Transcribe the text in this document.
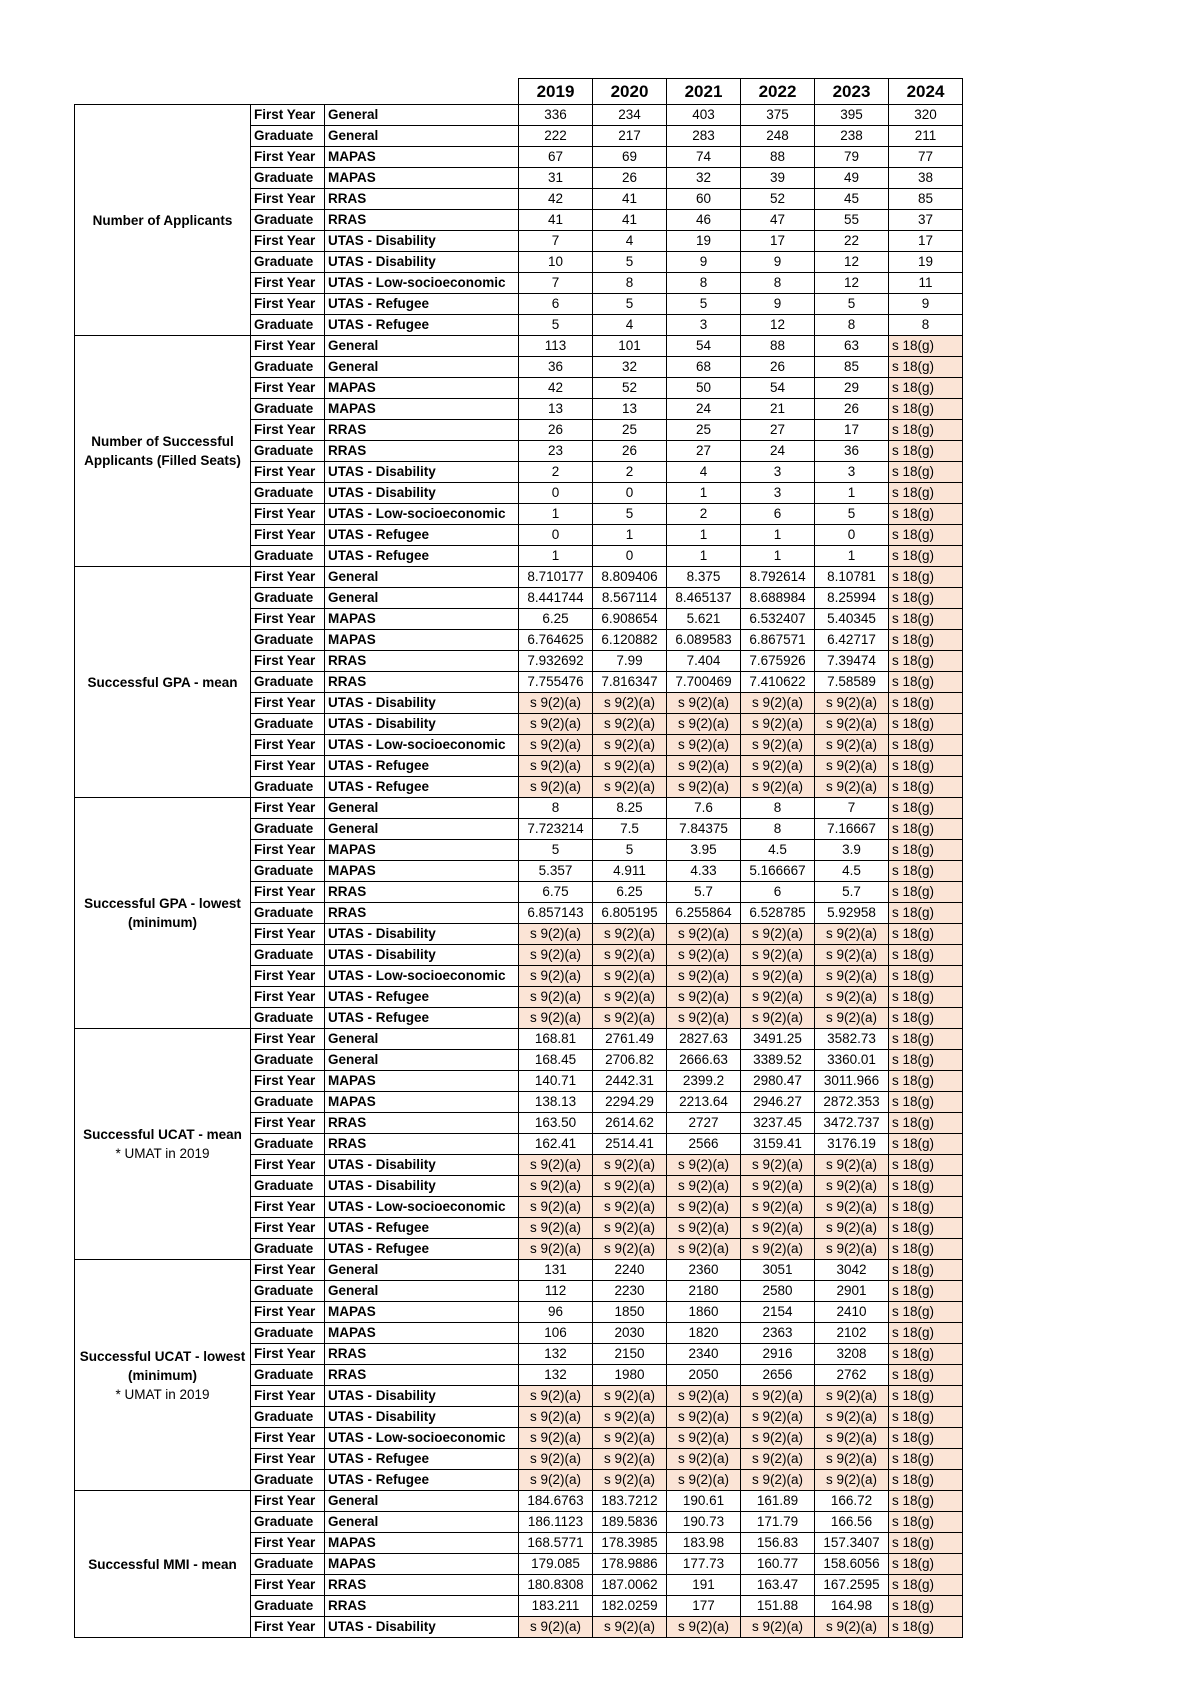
			2019	2020	2021	2022	2023	2024
Number of Applicants	First Year	General	336	234	403	375	395	320
	Graduate	General	222	217	283	248	238	211
	First Year	MAPAS	67	69	74	88	79	77
	Graduate	MAPAS	31	26	32	39	49	38
	First Year	RRAS	42	41	60	52	45	85
	Graduate	RRAS	41	41	46	47	55	37
	First Year	UTAS - Disability	7	4	19	17	22	17
	Graduate	UTAS - Disability	10	5	9	9	12	19
	First Year	UTAS - Low-socioeconomic	7	8	8	8	12	11
	First Year	UTAS - Refugee	6	5	5	9	5	9
	Graduate	UTAS - Refugee	5	4	3	12	8	8
Number of Successful Applicants (Filled Seats)	First Year	General	113	101	54	88	63	s 18(g)
	Graduate	General	36	32	68	26	85	s 18(g)
	First Year	MAPAS	42	52	50	54	29	s 18(g)
	Graduate	MAPAS	13	13	24	21	26	s 18(g)
	First Year	RRAS	26	25	25	27	17	s 18(g)
	Graduate	RRAS	23	26	27	24	36	s 18(g)
	First Year	UTAS - Disability	2	2	4	3	3	s 18(g)
	Graduate	UTAS - Disability	0	0	1	3	1	s 18(g)
	First Year	UTAS - Low-socioeconomic	1	5	2	6	5	s 18(g)
	First Year	UTAS - Refugee	0	1	1	1	0	s 18(g)
	Graduate	UTAS - Refugee	1	0	1	1	1	s 18(g)
Successful GPA - mean	First Year	General	8.710177	8.809406	8.375	8.792614	8.10781	s 18(g)
	Graduate	General	8.441744	8.567114	8.465137	8.688984	8.25994	s 18(g)
	First Year	MAPAS	6.25	6.908654	5.621	6.532407	5.40345	s 18(g)
	Graduate	MAPAS	6.764625	6.120882	6.089583	6.867571	6.42717	s 18(g)
	First Year	RRAS	7.932692	7.99	7.404	7.675926	7.39474	s 18(g)
	Graduate	RRAS	7.755476	7.816347	7.700469	7.410622	7.58589	s 18(g)
	First Year	UTAS - Disability	s 9(2)(a)	s 9(2)(a)	s 9(2)(a)	s 9(2)(a)	s 9(2)(a)	s 18(g)
	Graduate	UTAS - Disability	s 9(2)(a)	s 9(2)(a)	s 9(2)(a)	s 9(2)(a)	s 9(2)(a)	s 18(g)
	First Year	UTAS - Low-socioeconomic	s 9(2)(a)	s 9(2)(a)	s 9(2)(a)	s 9(2)(a)	s 9(2)(a)	s 18(g)
	First Year	UTAS - Refugee	s 9(2)(a)	s 9(2)(a)	s 9(2)(a)	s 9(2)(a)	s 9(2)(a)	s 18(g)
	Graduate	UTAS - Refugee	s 9(2)(a)	s 9(2)(a)	s 9(2)(a)	s 9(2)(a)	s 9(2)(a)	s 18(g)
Successful GPA - lowest (minimum)	First Year	General	8	8.25	7.6	8	7	s 18(g)
	Graduate	General	7.723214	7.5	7.84375	8	7.16667	s 18(g)
	First Year	MAPAS	5	5	3.95	4.5	3.9	s 18(g)
	Graduate	MAPAS	5.357	4.911	4.33	5.166667	4.5	s 18(g)
	First Year	RRAS	6.75	6.25	5.7	6	5.7	s 18(g)
	Graduate	RRAS	6.857143	6.805195	6.255864	6.528785	5.92958	s 18(g)
	First Year	UTAS - Disability	s 9(2)(a)	s 9(2)(a)	s 9(2)(a)	s 9(2)(a)	s 9(2)(a)	s 18(g)
	Graduate	UTAS - Disability	s 9(2)(a)	s 9(2)(a)	s 9(2)(a)	s 9(2)(a)	s 9(2)(a)	s 18(g)
	First Year	UTAS - Low-socioeconomic	s 9(2)(a)	s 9(2)(a)	s 9(2)(a)	s 9(2)(a)	s 9(2)(a)	s 18(g)
	First Year	UTAS - Refugee	s 9(2)(a)	s 9(2)(a)	s 9(2)(a)	s 9(2)(a)	s 9(2)(a)	s 18(g)
	Graduate	UTAS - Refugee	s 9(2)(a)	s 9(2)(a)	s 9(2)(a)	s 9(2)(a)	s 9(2)(a)	s 18(g)
Successful UCAT - mean
* UMAT in 2019	First Year	General	168.81	2761.49	2827.63	3491.25	3582.73	s 18(g)
	Graduate	General	168.45	2706.82	2666.63	3389.52	3360.01	s 18(g)
	First Year	MAPAS	140.71	2442.31	2399.2	2980.47	3011.966	s 18(g)
	Graduate	MAPAS	138.13	2294.29	2213.64	2946.27	2872.353	s 18(g)
	First Year	RRAS	163.50	2614.62	2727	3237.45	3472.737	s 18(g)
	Graduate	RRAS	162.41	2514.41	2566	3159.41	3176.19	s 18(g)
	First Year	UTAS - Disability	s 9(2)(a)	s 9(2)(a)	s 9(2)(a)	s 9(2)(a)	s 9(2)(a)	s 18(g)
	Graduate	UTAS - Disability	s 9(2)(a)	s 9(2)(a)	s 9(2)(a)	s 9(2)(a)	s 9(2)(a)	s 18(g)
	First Year	UTAS - Low-socioeconomic	s 9(2)(a)	s 9(2)(a)	s 9(2)(a)	s 9(2)(a)	s 9(2)(a)	s 18(g)
	First Year	UTAS - Refugee	s 9(2)(a)	s 9(2)(a)	s 9(2)(a)	s 9(2)(a)	s 9(2)(a)	s 18(g)
	Graduate	UTAS - Refugee	s 9(2)(a)	s 9(2)(a)	s 9(2)(a)	s 9(2)(a)	s 9(2)(a)	s 18(g)
Successful UCAT - lowest (minimum)
* UMAT in 2019	First Year	General	131	2240	2360	3051	3042	s 18(g)
	Graduate	General	112	2230	2180	2580	2901	s 18(g)
	First Year	MAPAS	96	1850	1860	2154	2410	s 18(g)
	Graduate	MAPAS	106	2030	1820	2363	2102	s 18(g)
	First Year	RRAS	132	2150	2340	2916	3208	s 18(g)
	Graduate	RRAS	132	1980	2050	2656	2762	s 18(g)
	First Year	UTAS - Disability	s 9(2)(a)	s 9(2)(a)	s 9(2)(a)	s 9(2)(a)	s 9(2)(a)	s 18(g)
	Graduate	UTAS - Disability	s 9(2)(a)	s 9(2)(a)	s 9(2)(a)	s 9(2)(a)	s 9(2)(a)	s 18(g)
	First Year	UTAS - Low-socioeconomic	s 9(2)(a)	s 9(2)(a)	s 9(2)(a)	s 9(2)(a)	s 9(2)(a)	s 18(g)
	First Year	UTAS - Refugee	s 9(2)(a)	s 9(2)(a)	s 9(2)(a)	s 9(2)(a)	s 9(2)(a)	s 18(g)
	Graduate	UTAS - Refugee	s 9(2)(a)	s 9(2)(a)	s 9(2)(a)	s 9(2)(a)	s 9(2)(a)	s 18(g)
Successful MMI - mean	First Year	General	184.6763	183.7212	190.61	161.89	166.72	s 18(g)
	Graduate	General	186.1123	189.5836	190.73	171.79	166.56	s 18(g)
	First Year	MAPAS	168.5771	178.3985	183.98	156.83	157.3407	s 18(g)
	Graduate	MAPAS	179.085	178.9886	177.73	160.77	158.6056	s 18(g)
	First Year	RRAS	180.8308	187.0062	191	163.47	167.2595	s 18(g)
	Graduate	RRAS	183.211	182.0259	177	151.88	164.98	s 18(g)
	First Year	UTAS - Disability	s 9(2)(a)	s 9(2)(a)	s 9(2)(a)	s 9(2)(a)	s 9(2)(a)	s 18(g)
